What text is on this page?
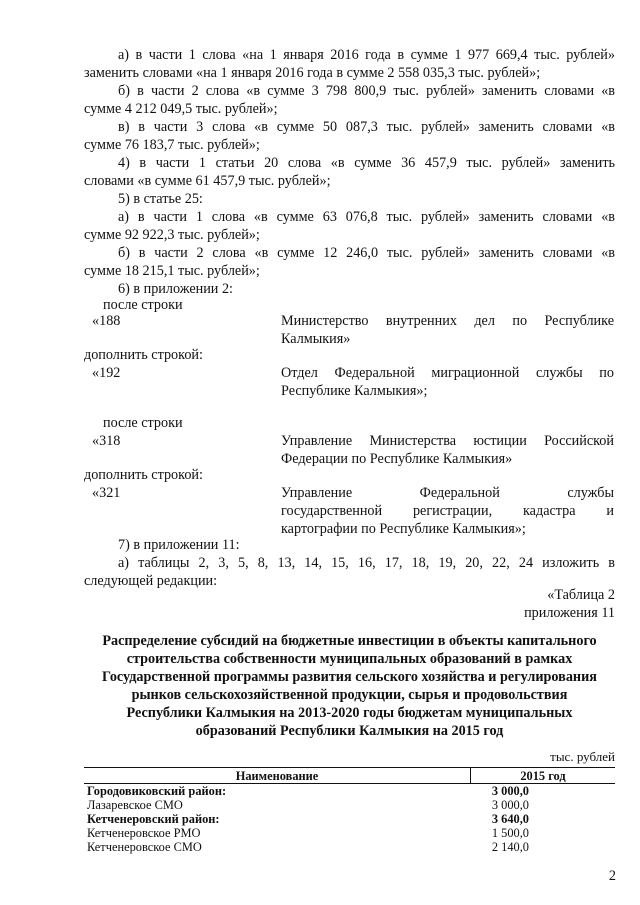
а) в части 1 слова «на 1 января 2016 года в сумме 1 977 669,4 тыс. рублей»
заменить словами «на 1 января 2016 года в сумме 2 558 035,3 тыс. рублей»;
б) в части 2 слова «в сумме 3 798 800,9 тыс. рублей» заменить словами «в
сумме 4 212 049,5 тыс. рублей»;
в) в части 3 слова «в сумме 50 087,3 тыс. рублей» заменить словами «в
сумме 76 183,7 тыс. рублей»;
4) в части 1 статьи 20 слова «в сумме 36 457,9 тыс. рублей» заменить
словами «в сумме 61 457,9 тыс. рублей»;
5) в статье 25:
а) в части 1 слова «в сумме 63 076,8 тыс. рублей» заменить словами «в
сумме 92 922,3 тыс. рублей»;
б) в части 2 слова «в сумме 12 246,0 тыс. рублей» заменить словами «в
сумме 18 215,1 тыс. рублей»;
6) в приложении 2:
после строки
«188	Министерство внутренних дел по Республике
Калмыкия»
дополнить строкой:
«192	Отдел Федеральной миграционной службы по
Республике Калмыкия»;
после строки
«318	Управление Министерства юстиции Российской
Федерации по Республике Калмыкия»
дополнить строкой:
«321	Управление Федеральной службы
государственной регистрации, кадастра и
картографии по Республике Калмыкия»;
7) в приложении 11:
а) таблицы 2, 3, 5, 8, 13, 14, 15, 16, 17, 18, 19, 20, 22, 24 изложить в
следующей редакции:
«Таблица 2
приложения 11
Распределение субсидий на бюджетные инвестиции в объекты капитального
строительства собственности муниципальных образований в рамках
Государственной программы развития сельского хозяйства и регулирования
рынков сельскохозяйственной продукции, сырья и продовольствия
Республики Калмыкия на 2013-2020 годы бюджетам муниципальных
образований Республики Калмыкия на 2015 год
тыс. рублей
Наименование	2015 год
Городовиковский район:	3 000,0
Лазаревское СМО	3 000,0
Кетченеровский район:	3 640,0
Кетченеровское РМО	1 500,0
Кетченеровское СМО	2 140,0
2
